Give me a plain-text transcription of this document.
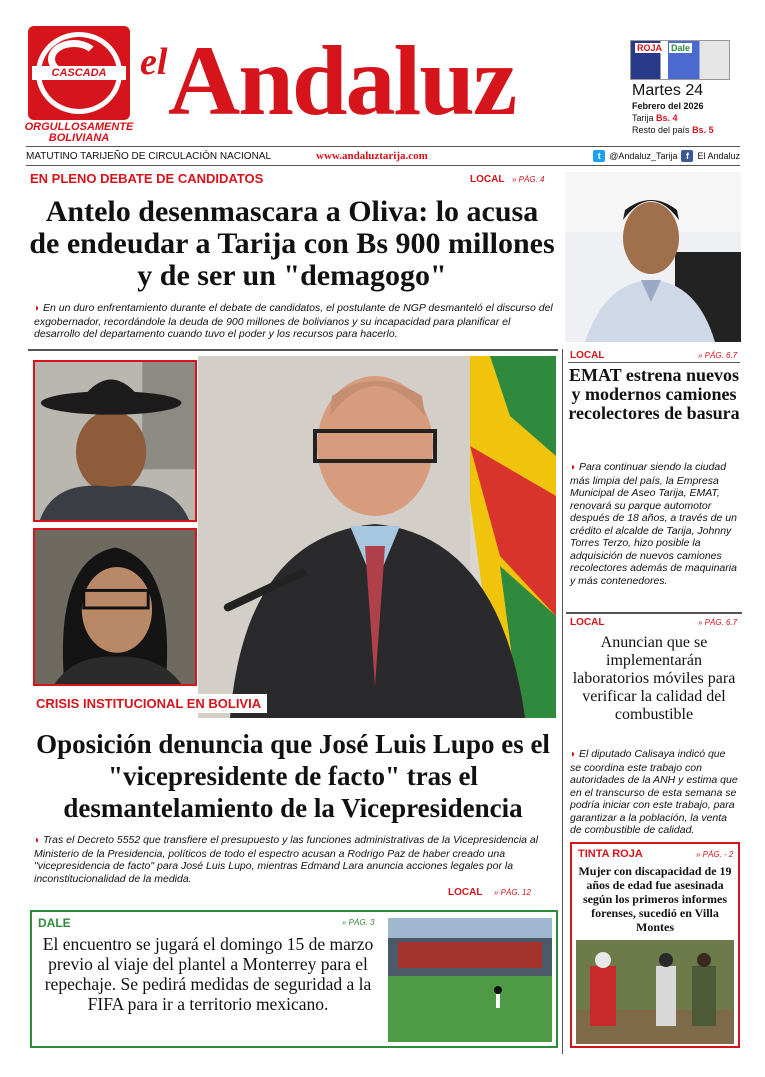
CASCADA
ORGULLOSAMENTE BOLIVIANA
el Andaluz	ROJA Dale
Martes 24
Febrero del 2026
Tarija Bs. 4
Resto del país Bs. 5
MATUTINO TARIJEÑO DE CIRCULACIÓN NACIONAL	www.andaluztarija.com	t @Andaluz_Tarija f El Andaluz
EN PLENO DEBATE DE CANDIDATOS	LOCAL » PÁG. 4
Antelo desenmascara a Oliva: lo acusa de endeudar a Tarija con Bs 900 millones y de ser un "demagogo"
◗ En un duro enfrentamiento durante el debate de candidatos, el postulante de NGP desmanteló el discurso del exgobernador, recordándole la deuda de 900 millones de bolivianos y su incapacidad para planificar el desarrollo del departamento cuando tuvo el poder y los recursos para hacerlo.
CRISIS INSTITUCIONAL EN BOLIVIA
Oposición denuncia que José Luis Lupo es el "vicepresidente de facto" tras el desmantelamiento de la Vicepresidencia
◗ Tras el Decreto 5552 que transfiere el presupuesto y las funciones administrativas de la Vicepresidencia al Ministerio de la Presidencia, políticos de todo el espectro acusan a Rodrigo Paz de haber creado una "vicepresidencia de facto" para José Luis Lupo, mientras Edmand Lara anuncia acciones legales por la inconstitucionalidad de la medida.
LOCAL » PÁG. 12
DALE	» PÁG. 3
El encuentro se jugará el domingo 15 de marzo previo al viaje del plantel a Monterrey para el repechaje. Se pedirá medidas de seguridad a la FIFA para ir a territorio mexicano.
LOCAL	» PÁG. 6.7
EMAT estrena nuevos y modernos camiones recolectores de basura
◗ Para continuar siendo la ciudad más limpia del país, la Empresa Municipal de Aseo Tarija, EMAT, renovará su parque automotor después de 18 años, a través de un crédito el alcalde de Tarija, Johnny Torres Terzo, hizo posible la adquisición de nuevos camiones recolectores además de maquinaria y más contenedores.
LOCAL	» PÁG. 6.7
Anuncian que se implementarán laboratorios móviles para verificar la calidad del combustible
◗ El diputado Calisaya indicó que se coordina este trabajo con autoridades de la ANH y estima que en el transcurso de esta semana se podría iniciar con este trabajo, para garantizar a la población, la venta de combustible de calidad.
TINTA ROJA	» PÁG. - 2
Mujer con discapacidad de 19 años de edad fue asesinada según los primeros informes forenses, sucedió en Villa Montes
